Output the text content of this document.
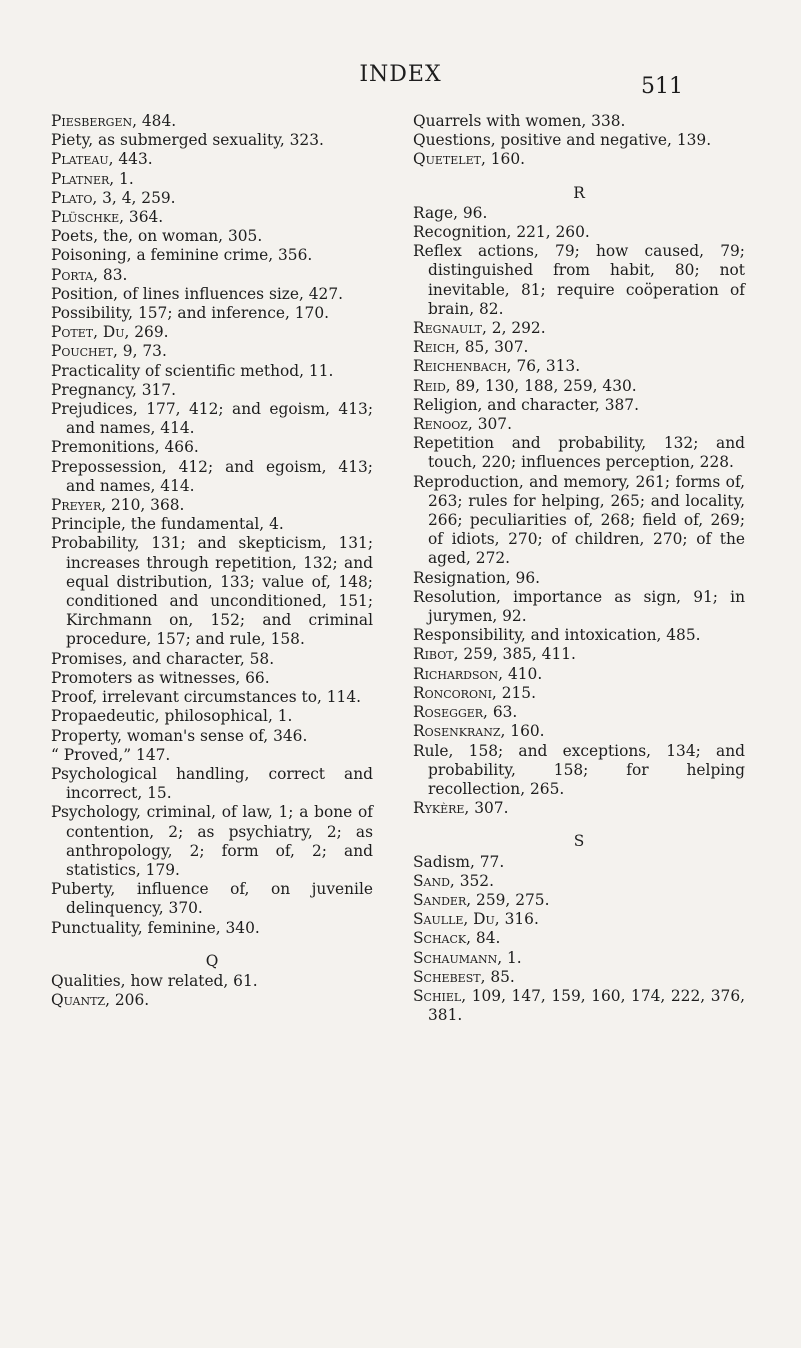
INDEX	511
Piesbergen, 484.
Piety, as submerged sexuality, 323.
Plateau, 443.
Platner, 1.
Plato, 3, 4, 259.
Plüschke, 364.
Poets, the, on woman, 305.
Poisoning, a feminine crime, 356.
Porta, 83.
Position, of lines influences size, 427.
Possibility, 157; and inference, 170.
Potet, Du, 269.
Pouchet, 9, 73.
Practicality of scientific method, 11.
Pregnancy, 317.
Prejudices, 177, 412; and egoism, 413; and names, 414.
Premonitions, 466.
Prepossession, 412; and egoism, 413; and names, 414.
Preyer, 210, 368.
Principle, the fundamental, 4.
Probability, 131; and skepticism, 131; increases through repetition, 132; and equal distribution, 133; value of, 148; conditioned and unconditioned, 151; Kirchmann on, 152; and criminal procedure, 157; and rule, 158.
Promises, and character, 58.
Promoters as witnesses, 66.
Proof, irrelevant circumstances to, 114.
Propaedeutic, philosophical, 1.
Property, woman's sense of, 346.
“ Proved,” 147.
Psychological handling, correct and incorrect, 15.
Psychology, criminal, of law, 1; a bone of contention, 2; as psychiatry, 2; as anthropology, 2; form of, 2; and statistics, 179.
Puberty, influence of, on juvenile delinquency, 370.
Punctuality, feminine, 340.
Q
Qualities, how related, 61.
Quantz, 206.
Quarrels with women, 338.
Questions, positive and negative, 139.
Quetelet, 160.
R
Rage, 96.
Recognition, 221, 260.
Reflex actions, 79; how caused, 79; distinguished from habit, 80; not inevitable, 81; require coöperation of brain, 82.
Regnault, 2, 292.
Reich, 85, 307.
Reichenbach, 76, 313.
Reid, 89, 130, 188, 259, 430.
Religion, and character, 387.
Renooz, 307.
Repetition and probability, 132; and touch, 220; influences perception, 228.
Reproduction, and memory, 261; forms of, 263; rules for helping, 265; and locality, 266; peculiarities of, 268; field of, 269; of idiots, 270; of children, 270; of the aged, 272.
Resignation, 96.
Resolution, importance as sign, 91; in jurymen, 92.
Responsibility, and intoxication, 485.
Ribot, 259, 385, 411.
Richardson, 410.
Roncoroni, 215.
Rosegger, 63.
Rosenkranz, 160.
Rule, 158; and exceptions, 134; and probability, 158; for helping recollection, 265.
Rykère, 307.
S
Sadism, 77.
Sand, 352.
Sander, 259, 275.
Saulle, Du, 316.
Schack, 84.
Schaumann, 1.
Schebest, 85.
Schiel, 109, 147, 159, 160, 174, 222, 376, 381.
